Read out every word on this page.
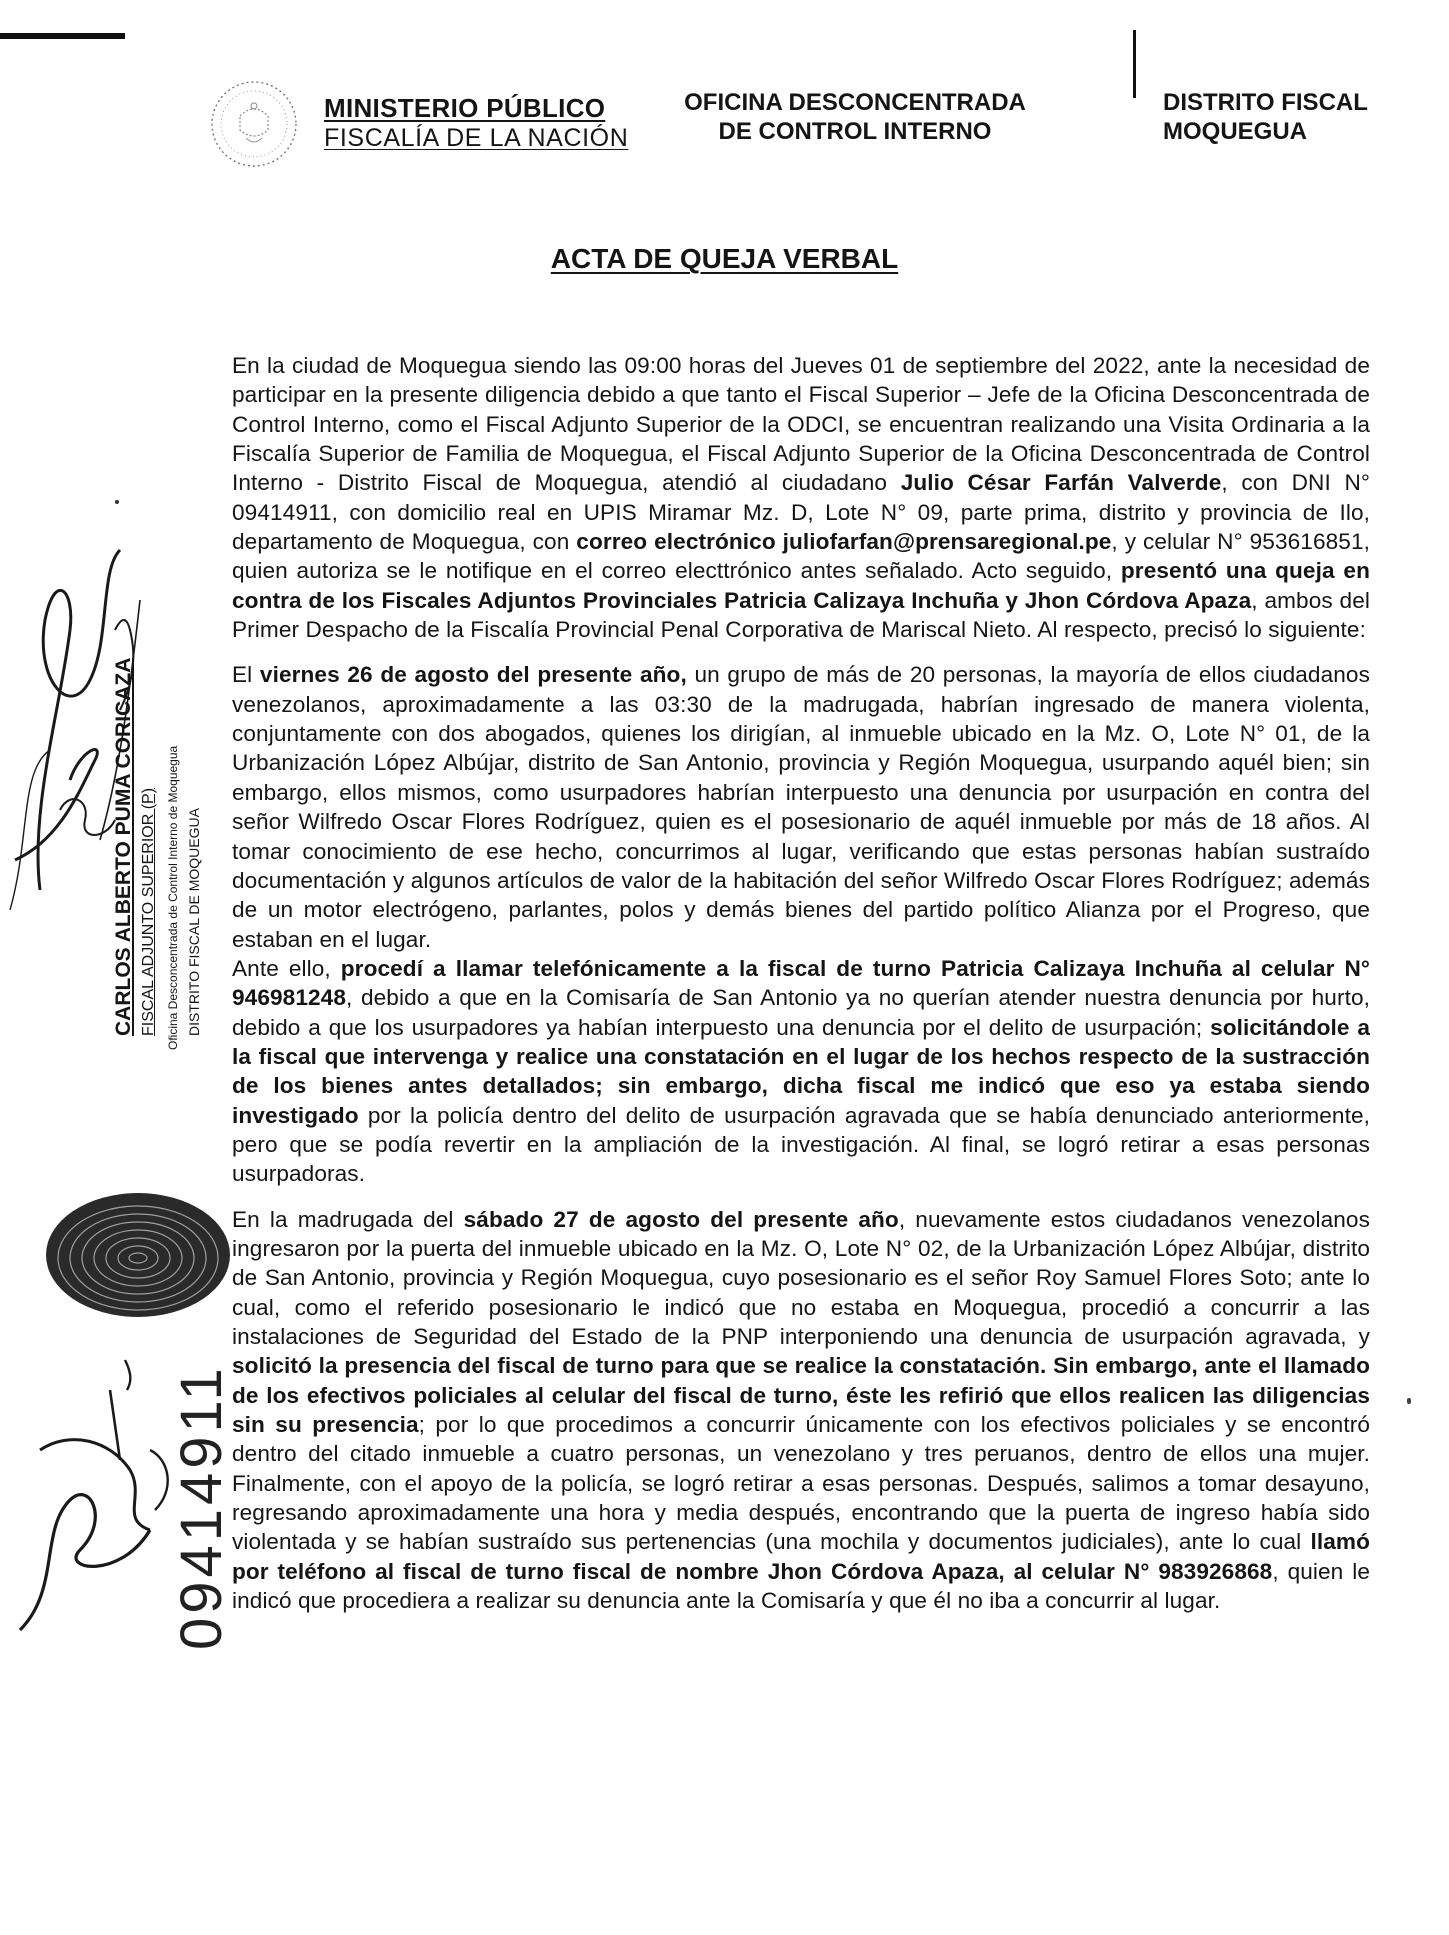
MINISTERIO PÚBLICO
FISCALÍA DE LA NACIÓN
OFICINA DESCONCENTRADA
DE CONTROL INTERNO
DISTRITO FISCAL
MOQUEGUA
ACTA DE QUEJA VERBAL

En la ciudad de Moquegua siendo las 09:00 horas del Jueves 01 de septiembre del 2022, ante la necesidad de participar en la presente diligencia debido a que tanto el Fiscal Superior – Jefe de la Oficina Desconcentrada de Control Interno, como el Fiscal Adjunto Superior de la ODCI, se encuentran realizando una Visita Ordinaria a la Fiscalía Superior de Familia de Moquegua, el Fiscal Adjunto Superior de la Oficina Desconcentrada de Control Interno - Distrito Fiscal de Moquegua, atendió al ciudadano Julio César Farfán Valverde, con DNI N° 09414911, con domicilio real en UPIS Miramar Mz. D, Lote N° 09, parte prima, distrito y provincia de Ilo, departamento de Moquegua, con correo electrónico juliofarfan@prensaregional.pe, y celular N° 953616851, quien autoriza se le notifique en el correo electtrónico antes señalado. Acto seguido, presentó una queja en contra de los Fiscales Adjuntos Provinciales Patricia Calizaya Inchuña y Jhon Córdova Apaza, ambos del Primer Despacho de la Fiscalía Provincial Penal Corporativa de Mariscal Nieto. Al respecto, precisó lo siguiente:

El viernes 26 de agosto del presente año, un grupo de más de 20 personas, la mayoría de ellos ciudadanos venezolanos, aproximadamente a las 03:30 de la madrugada, habrían ingresado de manera violenta, conjuntamente con dos abogados, quienes los dirigían, al inmueble ubicado en la Mz. O, Lote N° 01, de la Urbanización López Albújar, distrito de San Antonio, provincia y Región Moquegua, usurpando aquél bien; sin embargo, ellos mismos, como usurpadores habrían interpuesto una denuncia por usurpación en contra del señor Wilfredo Oscar Flores Rodríguez, quien es el posesionario de aquél inmueble por más de 18 años. Al tomar conocimiento de ese hecho, concurrimos al lugar, verificando que estas personas habían sustraído documentación y algunos artículos de valor de la habitación del señor Wilfredo Oscar Flores Rodríguez; además de un motor electrógeno, parlantes, polos y demás bienes del partido político Alianza por el Progreso, que estaban en el lugar.

Ante ello, procedí a llamar telefónicamente a la fiscal de turno Patricia Calizaya Inchuña al celular N° 946981248, debido a que en la Comisaría de San Antonio ya no querían atender nuestra denuncia por hurto, debido a que los usurpadores ya habían interpuesto una denuncia por el delito de usurpación; solicitándole a la fiscal que intervenga y realice una constatación en el lugar de los hechos respecto de la sustracción de los bienes antes detallados; sin embargo, dicha fiscal me indicó que eso ya estaba siendo investigado por la policía dentro del delito de usurpación agravada que se había denunciado anteriormente, pero que se podía revertir en la ampliación de la investigación. Al final, se logró retirar a esas personas usurpadoras.

En la madrugada del sábado 27 de agosto del presente año, nuevamente estos ciudadanos venezolanos ingresaron por la puerta del inmueble ubicado en la Mz. O, Lote N° 02, de la Urbanización López Albújar, distrito de San Antonio, provincia y Región Moquegua, cuyo posesionario es el señor Roy Samuel Flores Soto; ante lo cual, como el referido posesionario le indicó que no estaba en Moquegua, procedió a concurrir a las instalaciones de Seguridad del Estado de la PNP interponiendo una denuncia de usurpación agravada, y solicitó la presencia del fiscal de turno para que se realice la constatación. Sin embargo, ante el llamado de los efectivos policiales al celular del fiscal de turno, éste les refirió que ellos realicen las diligencias sin su presencia; por lo que procedimos a concurrir únicamente con los efectivos policiales y se encontró dentro del citado inmueble a cuatro personas, un venezolano y tres peruanos, dentro de ellos una mujer. Finalmente, con el apoyo de la policía, se logró retirar a esas personas. Después, salimos a tomar desayuno, regresando aproximadamente una hora y media después, encontrando que la puerta de ingreso había sido violentada y se habían sustraído sus pertenencias (una mochila y documentos judiciales), ante lo cual llamó por teléfono al fiscal de turno fiscal de nombre Jhon Córdova Apaza, al celular N° 983926868, quien le indicó que procediera a realizar su denuncia ante la Comisaría y que él no iba a concurrir al lugar.

CARLOS ALBERTO PUMA CORICAZA FISCAL ADJUNTO SUPERIOR (P) Oficina Desconcentrada de Control Interno de Moquegua DISTRITO FISCAL DE MOQUEGUA
09414911
